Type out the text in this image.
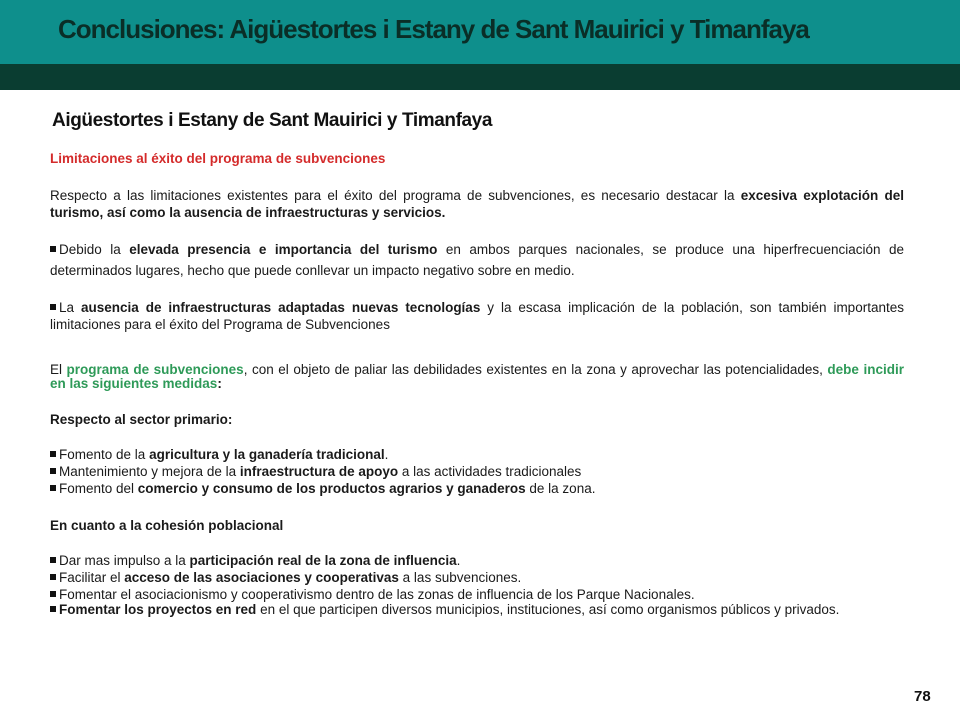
Conclusiones: Aigüestortes i Estany de Sant Mauirici y Timanfaya
Aigüestortes i Estany de Sant Mauirici y Timanfaya

Limitaciones al éxito del programa de subvenciones

Respecto a las limitaciones existentes para el éxito del programa de subvenciones, es necesario destacar la excesiva explotación del turismo, así como la ausencia de infraestructuras y servicios.

Debido la elevada presencia e importancia del turismo en ambos parques nacionales, se produce una hiperfrecuenciación de determinados lugares, hecho que puede conllevar un impacto negativo sobre en medio.

La ausencia de infraestructuras adaptadas nuevas tecnologías y la escasa implicación de la población, son también importantes limitaciones para el éxito del Programa de Subvenciones

El programa de subvenciones, con el objeto de paliar las debilidades existentes en la zona y aprovechar las potencialidades, debe incidir en las siguientes medidas:

Respecto al sector primario:

Fomento de la agricultura y la ganadería tradicional.

Mantenimiento y mejora de la infraestructura de apoyo a las actividades tradicionales

Fomento del comercio y consumo de los productos agrarios y ganaderos de la zona.

En cuanto a la cohesión poblacional

Dar mas impulso a la participación real de la zona de influencia.

Facilitar el acceso de las asociaciones y cooperativas a las subvenciones.

Fomentar el asociacionismo y cooperativismo dentro de las zonas de influencia de los Parque Nacionales.

Fomentar los proyectos en red en el que participen diversos municipios, instituciones, así como organismos públicos y privados.

78
